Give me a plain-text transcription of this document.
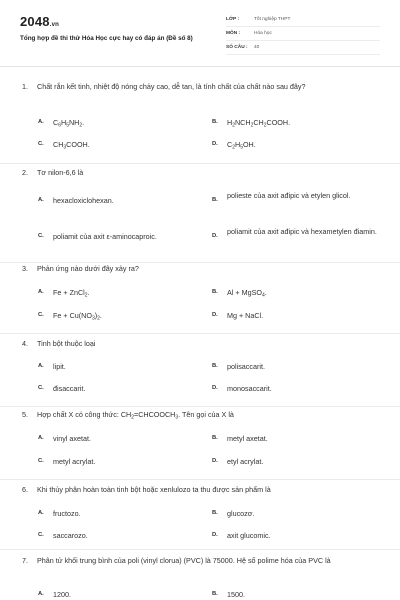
2048.vn
Tổng hợp đề thi thử Hóa Học cực hay có đáp án (Đề số 8)
LỚP :	Tốt nghiệp THPT
MÔN :	Hóa học
SỐ CÂU : 40
1. Chất rắn kết tinh, nhiệt độ nóng chảy cao, dễ tan, là tính chất của chất nào sau đây?
A. $C_6H_5NH_2$.	B. $H_2NCH_2CH_2COOH$.
C. $CH_3COOH$.	D. $C_2H_5OH$.
2. Tơ nilon-6,6 là
A. hexacloxiclohexan.	B. polieste của axit ađipic và etylen glicol.
C. poliamit của axit ε-aminocaproic.	D. poliamit của axit ađipic và hexametylen điamin.
3. Phản ứng nào dưới đây xảy ra?
A. Fe + ZnCl$_2$.	B. Al + MgSO$_4$.
C. $Fe + Cu(NO_3)_2$.	D. Mg + NaCl.
4. Tinh bột thuộc loại
A. lipit.	B. polisaccarit.
C. đisaccarit.	D. monosaccarit.
5. Hợp chất X có công thức: $CH_2=CHCOOCH_3$. Tên gọi của X là
A. vinyl axetat.	B. metyl axetat.
C. metyl acrylat.	D. etyl acrylat.
6. Khi thủy phân hoàn toàn tinh bột hoặc xenlulozo ta thu được sản phẩm là
A. fructozo.	B. glucozơ.
C. saccarozo.	D. axit glucomic.
7. Phân tử khối trung bình của poli (vinyl clorua) (PVC) là 75000. Hệ số polime hóa của PVC là
A. 1200.	B. 1500.
